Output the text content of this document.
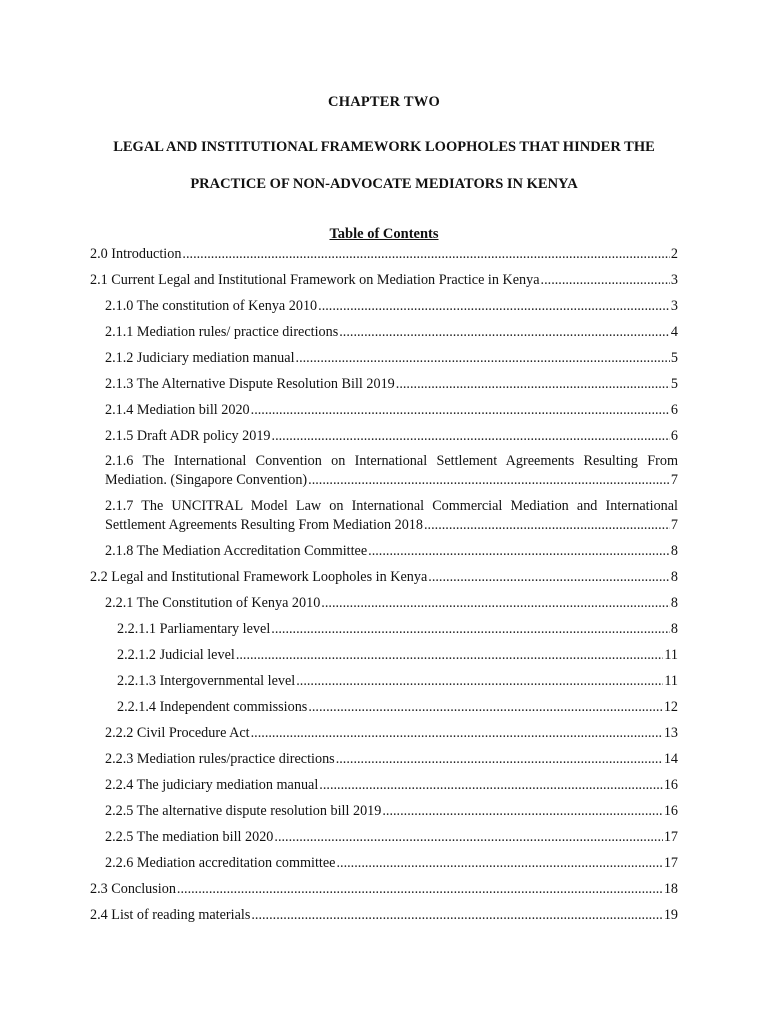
CHAPTER TWO
LEGAL AND INSTITUTIONAL FRAMEWORK LOOPHOLES THAT HINDER THE
PRACTICE OF NON-ADVOCATE MEDIATORS IN KENYA
Table of Contents
2.0 Introduction .....	2
2.1 Current Legal and Institutional Framework on Mediation Practice in Kenya .....	3
2.1.0 The constitution of Kenya 2010 .....	3
2.1.1 Mediation rules/ practice directions .....	4
2.1.2 Judiciary mediation manual .....	5
2.1.3 The Alternative Dispute Resolution Bill 2019 .....	5
2.1.4 Mediation bill 2020 .....	6
2.1.5 Draft ADR policy 2019 .....	6
2.1.6 The International Convention on International Settlement Agreements Resulting From
Mediation. (Singapore Convention) .....	7
2.1.7 The UNCITRAL Model Law on International Commercial Mediation and International
Settlement Agreements Resulting From Mediation 2018 .....	7
2.1.8 The Mediation Accreditation Committee .....	8
2.2 Legal and Institutional Framework Loopholes in Kenya .....	8
2.2.1 The Constitution of Kenya 2010 .....	8
2.2.1.1 Parliamentary level .....	8
2.2.1.2 Judicial level .....	11
2.2.1.3 Intergovernmental level .....	11
2.2.1.4 Independent commissions .....	12
2.2.2 Civil Procedure Act .....	13
2.2.3 Mediation rules/practice directions .....	14
2.2.4 The judiciary mediation manual .....	16
2.2.5 The alternative dispute resolution bill 2019 .....	16
2.2.5 The mediation bill 2020 .....	17
2.2.6 Mediation accreditation committee .....	17
2.3 Conclusion .....	18
2.4 List of reading materials .....	19
